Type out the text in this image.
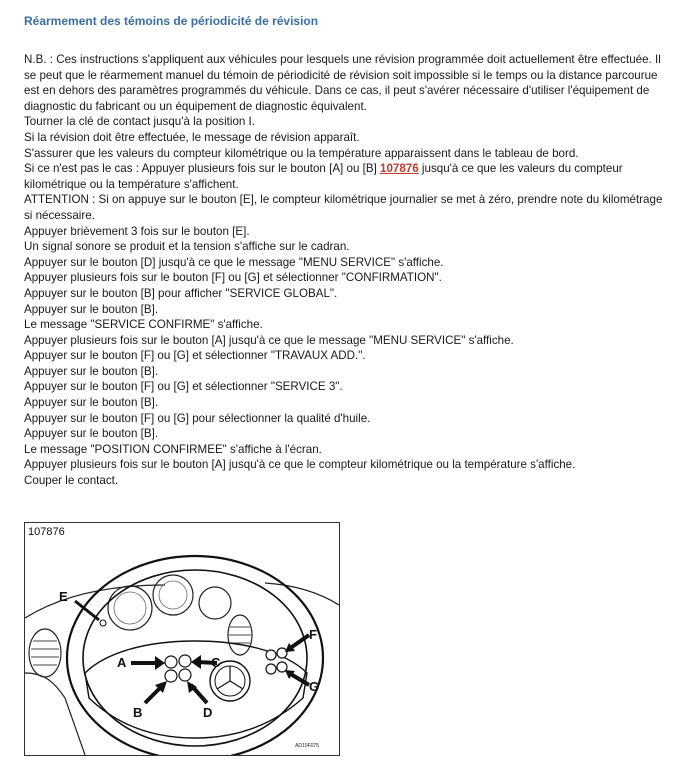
Réarmement des témoins de périodicité de révision

N.B. : Ces instructions s'appliquent aux véhicules pour lesquels une révision programmée doit actuellement être effectuée. Il se peut que le réarmement manuel du témoin de périodicité de révision soit impossible si le temps ou la distance parcourue est en dehors des paramètres programmés du véhicule. Dans ce cas, il peut s'avérer nécessaire d'utiliser l'équipement de diagnostic du fabricant ou un équipement de diagnostic équivalent.

Tourner la clé de contact jusqu'à la position I.

Si la révision doit être effectuée, le message de révision apparaît.

S'assurer que les valeurs du compteur kilométrique ou la température apparaissent dans le tableau de bord.

Si ce n'est pas le cas : Appuyer plusieurs fois sur le bouton [A] ou [B] 107876 jusqu'à ce que les valeurs du compteur kilométrique ou la température s'affichent.

ATTENTION : Si on appuye sur le bouton [E], le compteur kilométrique journalier se met à zéro, prendre note du kilométrage si nécessaire.

Appuyer brièvement 3 fois sur le bouton [E].

Un signal sonore se produit et la tension s'affiche sur le cadran.

Appuyer sur le bouton [D] jusqu'à ce que le message "MENU SERVICE" s'affiche.

Appuyer plusieurs fois sur le bouton [F] ou [G] et sélectionner "CONFIRMATION".

Appuyer sur le bouton [B] pour afficher "SERVICE GLOBAL".

Appuyer sur le bouton [B].

Le message "SERVICE CONFIRME" s'affiche.

Appuyer plusieurs fois sur le bouton [A] jusqu'à ce que le message "MENU SERVICE" s'affiche.

Appuyer sur le bouton [F] ou [G] et sélectionner "TRAVAUX ADD.".

Appuyer sur le bouton [B].

Appuyer sur le bouton [F] ou [G] et sélectionner "SERVICE 3".

Appuyer sur le bouton [B].

Appuyer sur le bouton [F] ou [G] pour sélectionner la qualité d'huile.

Appuyer sur le bouton [B].

Le message "POSITION CONFIRMEE" s'affiche à l'écran.

Appuyer plusieurs fois sur le bouton [A] jusqu'à ce que le compteur kilométrique ou la température s'affiche.

Couper le contact.

107876
E
A	C
B	D
F
G
AD19F075
